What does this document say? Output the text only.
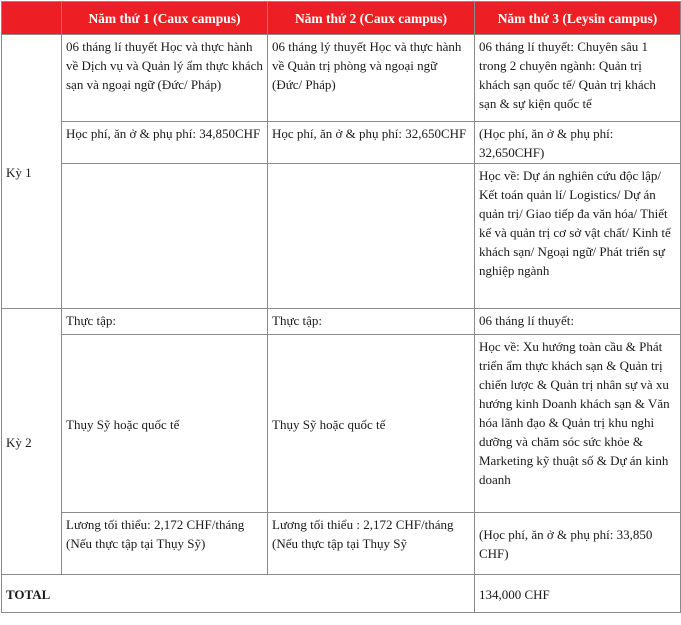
	Năm thứ 1 (Caux campus)	Năm thứ 2 (Caux campus)	Năm thứ 3 (Leysin campus)
Kỳ 1	06 tháng lí thuyết Học và thực hành về Dịch vụ và Quản lý ẩm thực khách sạn và ngoại ngữ (Đức/ Pháp)	06 tháng lý thuyết Học và thực hành về Quản trị phòng và ngoại ngữ (Đức/ Pháp)	06 tháng lí thuyết: Chuyên sâu 1 trong 2 chuyên ngành: Quản trị khách sạn quốc tế/ Quản trị khách sạn & sự kiện quốc tế
	Học phí, ăn ở & phụ phí: 34,850CHF	Học phí, ăn ở & phụ phí: 32,650CHF	(Học phí, ăn ở & phụ phí: 32,650CHF)
			Học về: Dự án nghiên cứu độc lập/ Kết toán quản lí/ Logistics/ Dự án quản trị/ Giao tiếp đa văn hóa/ Thiết kế và quản trị cơ sở vật chất/ Kinh tế khách sạn/ Ngoại ngữ/ Phát triển sự nghiệp ngành
Kỳ 2	Thực tập:	Thực tập:	06 tháng lí thuyết:
	Thụy Sỹ hoặc quốc tế	Thụy Sỹ hoặc quốc tế	Học về: Xu hướng toàn cầu & Phát triển ẩm thực khách sạn & Quản trị chiến lược & Quản trị nhân sự và xu hướng kinh Doanh khách sạn & Văn hóa lãnh đạo & Quản trị khu nghỉ dưỡng và chăm sóc sức khỏe & Marketing kỹ thuật số & Dự án kinh doanh
	Lương tối thiểu: 2,172 CHF/tháng (Nếu thực tập tại Thụy Sỹ)	Lương tối thiểu : 2,172 CHF/tháng (Nếu thực tập tại Thụy Sỹ	(Học phí, ăn ở & phụ phí: 33,850 CHF)
TOTAL			134,000 CHF
